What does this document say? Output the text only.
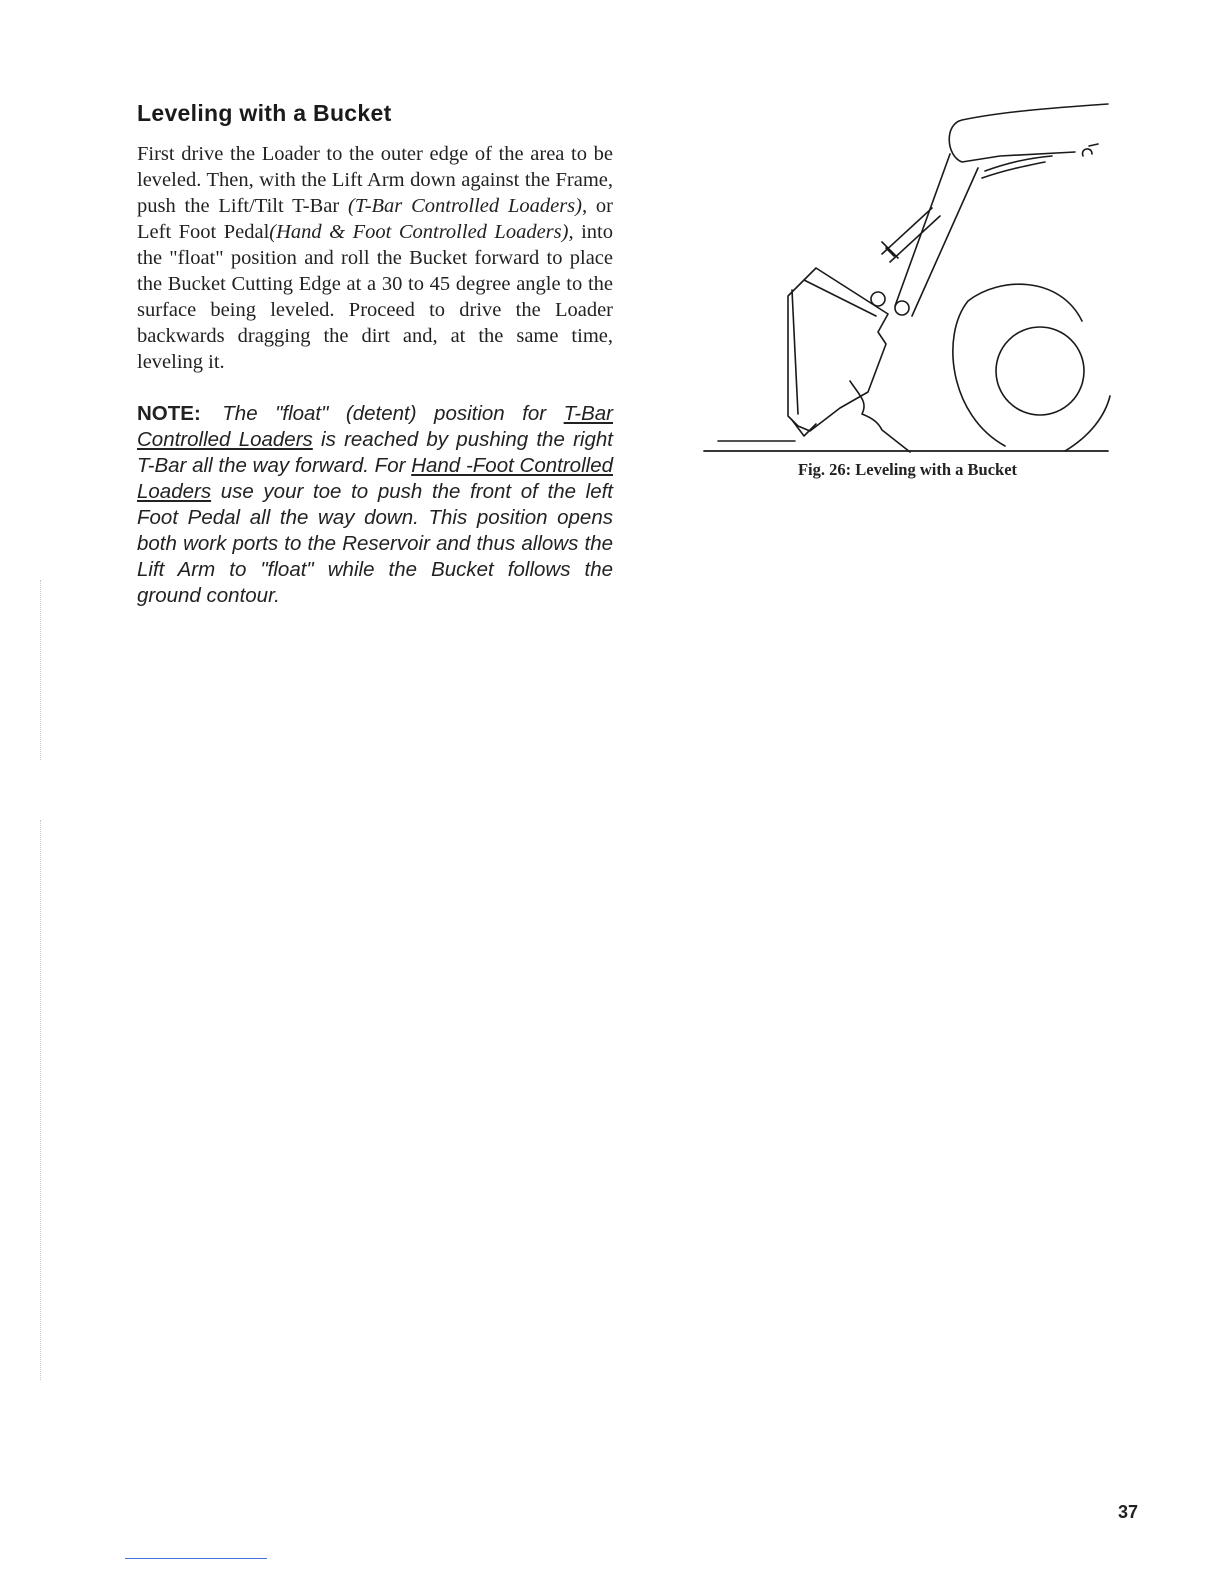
Leveling with a Bucket

First drive the Loader to the outer edge of the area to be leveled. Then, with the Lift Arm down against the Frame, push the Lift/Tilt T-Bar (T-Bar Controlled Loaders), or Left Foot Pedal(Hand & Foot Controlled Loaders), into the "float" position and roll the Bucket forward to place the Bucket Cutting Edge at a 30 to 45 degree angle to the surface being leveled. Proceed to drive the Loader backwards dragging the dirt and, at the same time, leveling it.

NOTE: The "float" (detent) position for T-Bar Controlled Loaders is reached by pushing the right T-Bar all the way forward. For Hand -Foot Controlled Loaders use your toe to push the front of the left Foot Pedal all the way down. This position opens both work ports to the Reservoir and thus allows the Lift Arm to "float" while the Bucket follows the ground contour.

Fig. 26: Leveling with a Bucket

37
